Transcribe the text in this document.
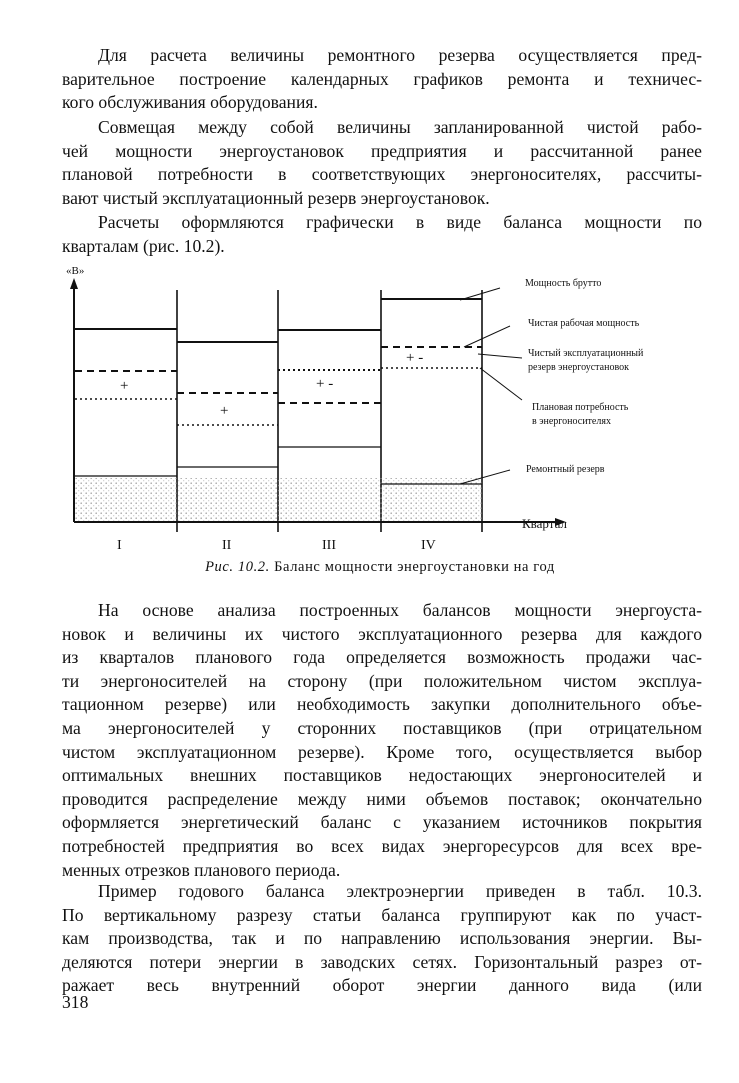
Для расчета величины ремонтного резерва осуществляется пред-
варительное построение календарных графиков ремонта и техничес-
кого обслуживания оборудования.
Совмещая между собой величины запланированной чистой рабо-
чей мощности энергоустановок предприятия и рассчитанной ранее
плановой потребности в соответствующих энергоносителях, рассчиты-
вают чистый эксплуатационный резерв энергоустановок.
Расчеты оформляются графически в виде баланса мощности по
кварталам (рис. 10.2).
«В»
Квартал
+
+
+ -
+ -
I	II	III	IV
Мощность брутто
Чистая рабочая мощность
Чистый эксплуатационный
резерв энергоустановок
Плановая потребность
в энергоносителях
Ремонтный резерв
Рис. 10.2. Баланс мощности энергоустановки на год
На основе анализа построенных балансов мощности энергоуста-
новок и величины их чистого эксплуатационного резерва для каждого
из кварталов планового года определяется возможность продажи час-
ти энергоносителей на сторону (при положительном чистом эксплуа-
тационном резерве) или необходимость закупки дополнительного объе-
ма энергоносителей у сторонних поставщиков (при отрицательном
чистом эксплуатационном резерве). Кроме того, осуществляется выбор
оптимальных внешних поставщиков недостающих энергоносителей и
проводится распределение между ними объемов поставок; окончательно
оформляется энергетический баланс с указанием источников покрытия
потребностей предприятия во всех видах энергоресурсов для всех вре-
менных отрезков планового периода.
Пример годового баланса электроэнергии приведен в табл. 10.3.
По вертикальному разрезу статьи баланса группируют как по участ-
кам производства, так и по направлению использования энергии. Вы-
деляются потери энергии в заводских сетях. Горизонтальный разрез от-
ражает весь внутренний оборот энергии данного вида (или
318
